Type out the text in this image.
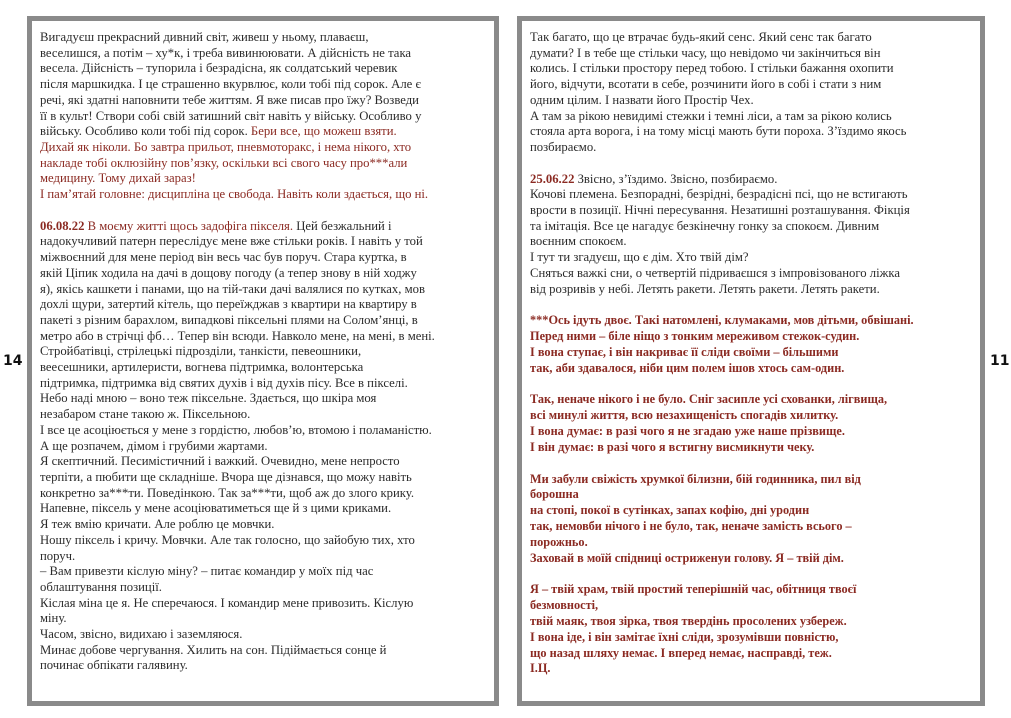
14	11

Вигадуєш прекрасний дивний світ, живеш у ньому, плаваєш,
веселишся, а потім – ху*к, і треба вивинюювати. А дійсність не така
весела. Дійсність – тупорила і безрадісна, як солдатський черевик
після маршкидка. І це страшенно вкурвлює, коли тобі під сорок. Але є
речі, які здатні наповнити тебе життям. Я вже писав про їжу? Возведи
її в культ! Створи собі свій затишний світ навіть у війську. Особливо у
війську. Особливо коли тобі під сорок. Бери все, що можеш взяти.
Дихай як ніколи. Бо завтра прильот, пневмоторакс, і нема нікого, хто
накладе тобі оклюзійну пов’язку, оскільки всі свого часу про***али
медицину. Тому дихай зараз!
І пам’ятай головне: дисципліна це свобода. Навіть коли здається, що ні.

06.08.22 В моєму житті щось задофіга пікселя. Цей безжальний і
надокучливий патерн переслідує мене вже стільки років. І навіть у той
міжвоєнний для мене період він весь час був поруч. Стара куртка, в
якій Ціпик ходила на дачі в дощову погоду (а тепер знову в ній ходжу
я), якісь кашкети і панами, що на тій-таки дачі валялися по кутках, мов
дохлі щури, затертий кітель, що переїжджав з квартири на квартиру в
пакеті з різним барахлом, випадкові піксельні плями на Солом’янці, в
метро або в стрічці фб… Тепер він всюди. Навколо мене, на мені, в мені.
Стройбатівці, стрілецькі підрозділи, танкісти, певеошники,
веесешники, артилеристи, вогнева підтримка, волонтерська
підтримка, підтримка від святих духів і від духів пісу. Все в пікселі.
Небо наді мною – воно теж піксельне. Здається, що шкіра моя
незабаром стане такою ж. Піксельною.
І все це асоціюється у мене з гордістю, любов’ю, втомою і поламаністю.
А ще розпачем, дімом і грубими жартами.
Я скептичний. Песимістичний і важкий. Очевидно, мене непросто
терпіти, а пюбити ще складніше. Вчора ще дізнався, що можу навіть
конкретно за***ти. Поведінкою. Так за***ти, щоб аж до злого крику.
Напевне, піксель у мене асоціюватиметься ще й з цими криками.
Я теж вмію кричати. Але роблю це мовчки.
Ношу піксель і кричу. Мовчки. Але так голосно, що зайобую тих, хто
поруч.
– Вам привезти кіслую міну? – питає командир у моїх під час
облаштування позиції.
Кіслая міна це я. Не сперечаюся. І командир мене привозить. Кіслую
міну.
Часом, звісно, видихаю і заземляюся.
Минає добове чергування. Хилить на сон. Підіймається сонце й
починає обпікати галявину.

Так багато, що це втрачає будь-який сенс. Який сенс так багато
думати? І в тебе ще стільки часу, що невідомо чи закінчиться він
колись. І стільки простору перед тобою. І стільки бажання охопити
його, відчути, всотати в себе, розчинити його в собі і стати з ним
одним цілим. І назвати його Простір Чех.
А там за рікою невидимі стежки і темні ліси, а там за рікою колись
стояла арта ворога, і на тому місці мають бути пороха. З’їздимо якось
позбираємо.

25.06.22 Звісно, з’їздимо. Звісно, позбираємо.
Кочові племена. Безпорадні, безрідні, безрадісні псі, що не встигають
врости в позиції. Нічні пересування. Незатишні розташування. Фікція
та імітація. Все це нагадує безкінечну гонку за спокоєм. Дивним
воєнним спокоєм.
І тут ти згадуєш, що є дім. Хто твій дім?
Сняться важкі сни, о четвертій підриваєшся з імпровізованого ліжка
від розривів у небі. Летять ракети. Летять ракети. Летять ракети.

***Ось ідуть двоє. Такі натомлені, клумаками, мов дітьми, обвішані.
Перед ними – біле ніщо з тонким мереживом стежок-судин.
І вона ступає, і він накриває її сліди своїми – більшими
так, аби здавалося, ніби цим полем ішов хтось сам-один.

Так, неначе нікого і не було. Сніг засипле усі схованки, лігвища,
всі минулі життя, всю незахищеність спогадів хилитку.
І вона думає: в разі чого я не згадаю уже наше прізвище.
І він думає: в разі чого я встигну висмикнути чеку.

Ми забули свіжість хрумкої білизни, бій годинника, пил від
борошна
на стопі, покої в сутінках, запах кофію, дні уродин
так, немовби нічого і не було, так, неначе замість всього –
порожньо.
Заховай в моїй спідниці остриженуи голову. Я – твій дім.

Я – твій храм, твій простий теперішній час, обітниця твоєї
безмовності,
твій маяк, твоя зірка, твоя твердінь просолених узбереж.
І вона іде, і він замітає їхні сліди, зрозумівши повністю,
що назад шляху немає. І вперед немає, насправді, теж.
І.Ц.
